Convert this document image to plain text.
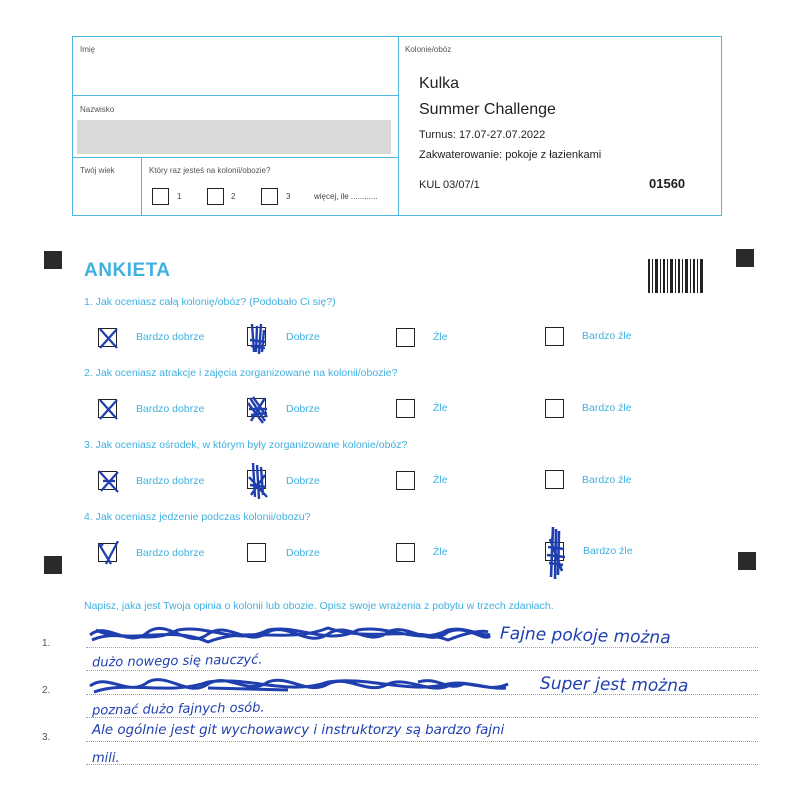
Imię
Nazwisko
Twój wiek	Który raz jesteś na kolonii/obozie?
1	2	3	więcej, ile ............
Kolonie/obóz
Kulka
Summer Challenge
Turnus: 17.07-27.07.2022
Zakwaterowanie: pokoje z łazienkami
KUL 03/07/1	01560
ANKIETA
1. Jak oceniasz całą kolonię/obóz? (Podobało Ci się?)
Bardzo dobrze	Dobrze	Źle	Bardzo źle
2. Jak oceniasz atrakcje i zajęcia zorganizowane na kolonii/obozie?
Bardzo dobrze	Dobrze	Źle	Bardzo źle
3. Jak oceniasz ośrodek, w którym były zorganizowane kolonie/obóz?
Bardzo dobrze	Dobrze	Źle	Bardzo źle
4. Jak oceniasz jedzenie podczas kolonii/obozu?
Bardzo dobrze	Dobrze	Źle	Bardzo źle
Napisz, jaka jest Twoja opinia o kolonii lub obozie. Opisz swoje wrażenia z pobytu w trzech zdaniach.
1.
2.
3.
Fajne pokoje można
dużo nowego się nauczyć.
Super jest można
poznać dużo fajnych osób.
Ale ogólnie jest git wychowawcy i instruktorzy są bardzo fajni
mili.
